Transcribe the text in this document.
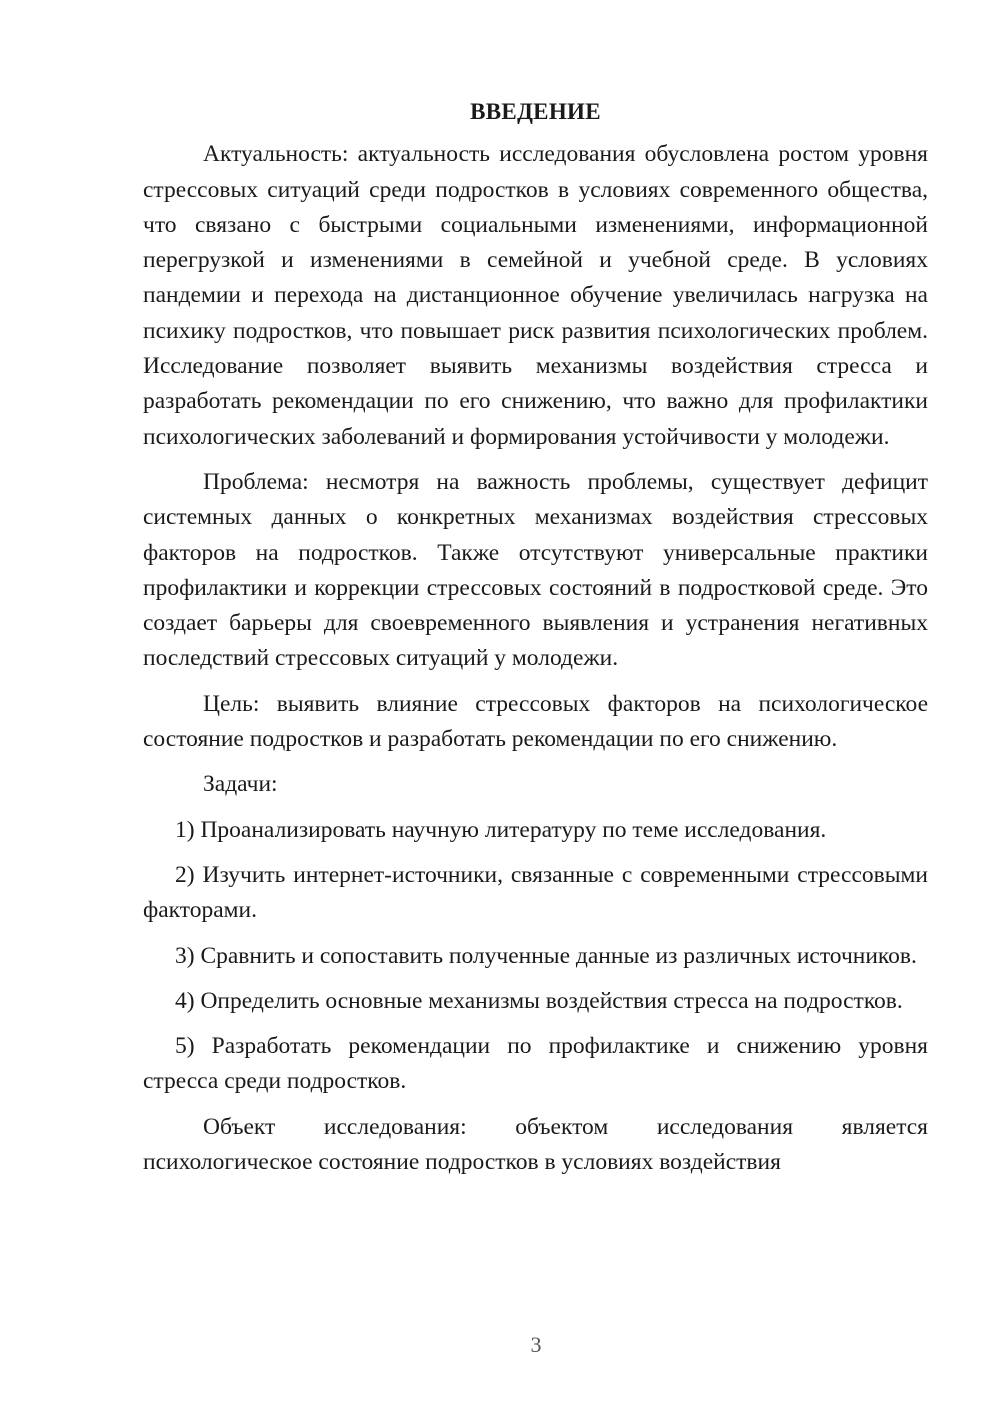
ВВЕДЕНИЕ

Актуальность: актуальность исследования обусловлена ростом уровня стрессовых ситуаций среди подростков в условиях современного общества, что связано с быстрыми социальными изменениями, информационной перегрузкой и изменениями в семейной и учебной среде. В условиях пандемии и перехода на дистанционное обучение увеличилась нагрузка на психику подростков, что повышает риск развития психологических проблем. Исследование позволяет выявить механизмы воздействия стресса и разработать рекомендации по его снижению, что важно для профилактики психологических заболеваний и формирования устойчивости у молодежи.

Проблема: несмотря на важность проблемы, существует дефицит системных данных о конкретных механизмах воздействия стрессовых факторов на подростков. Также отсутствуют универсальные практики профилактики и коррекции стрессовых состояний в подростковой среде. Это создает барьеры для своевременного выявления и устранения негативных последствий стрессовых ситуаций у молодежи.

Цель: выявить влияние стрессовых факторов на психологическое состояние подростков и разработать рекомендации по его снижению.

Задачи:

1) Проанализировать научную литературу по теме исследования.

2) Изучить интернет-источники, связанные с современными стрессовыми факторами.

3) Сравнить и сопоставить полученные данные из различных источников.

4) Определить основные механизмы воздействия стресса на подростков.

5) Разработать рекомендации по профилактике и снижению уровня стресса среди подростков.

Объект исследования: объектом исследования является психологическое состояние подростков в условиях воздействия

3
